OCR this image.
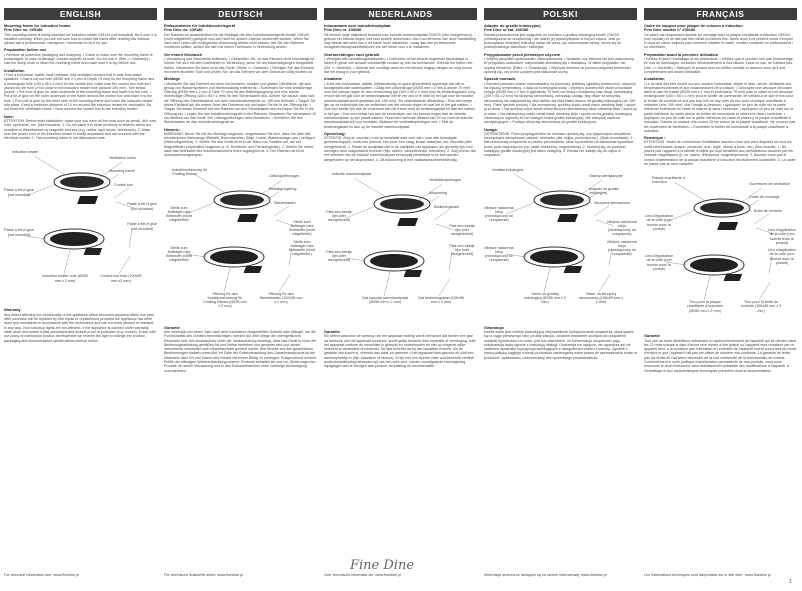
ENGLISH
Mounting frame for induction heater
Fine Dine no. 239186

This mounting frame is solely intended for Induction heater 239103 (not included). Be it sure it is installed correctly. When you are not sure how to install this frame after reading this manual, please ask a professional / handyman / electrician to do it for you.

Preparation before use

• Remove all protective packaging and wrapping. • Check to make sure the mounting frame is undamaged. In case of damage, contact supplier at once. Do not use it. (See >> Warranty) • Use the dump cloth to clean the mounting frame and make sure it is dry before use.

Installation

• Find a horizontal, stable, heat resistant, well ventilated surface that is safe from water splashes. • Saw a cut-out hole (Ø255 mm x 2 mm & Depth 70 mm) for the mounting frame and a rectangular hole (100 x 55 x 2 mm) for the control box, make sure the control box hole isn't placed too far from or too close to the induction heater hole (around 150 mm). See below picture. • Put a bit of glue on outer underside of the mounting frame and lower it to the hole. • Put a bit of glue on the outer underside of the frame around the control box and lower it to the hole. • Put a bit of glue on the inner side of the mounting frame and lower the induction heater into place. Keep a minimum distance of 15 cm around the induction heater for ventilation. Do not block the ventilation holes. • Now connect the control box to the induction heater.

Note:

ATTENTION: Before start installation, make sure you have all the tools such as pencil, drill, saw, ruler, spirit level, etc. (Not included). 1. Do not place it in close proximity to devices which are sensitive to disturbances by magnetic sources (e.g. radios, tape decks, televisions). 2. Make sure the power cord of the induction heater is easily accessible and can connect with the electrical socket. 3. This mounting frame is not dishwasher safe.

Induction heater
Ventilation holes
Mounting frame
Control box
Paste a bit of glue (not included)
Paste a bit of glue (not included)
Paste a bit of glue (not included)
Paste a bit of glue (not included)
Induction heater hole (Ø255 mm x 2 mm)
Control box hole (100x55 mm x2 mm)
Warranty

Any defect affecting the functionality of the appliance which becomes apparent within one year after purchase will be repaired by free repair or replacement provided the appliance has been used and maintained in accordance with the instructions and has not been abused or misused in any way. Your statutory rights are not affected. If the appliance is claimed under warranty, state when and where it was purchased and include proof of purchase (e.g. receipt). In line with our policy of continuous product development we reserve the right to change the product, packaging and documentation specifications without notice.

For technical information see: www.finedine.pl
DEUTSCH
Einbaurahmen für Induktionsheizgerät
Fine Dine no. 239186

Der Rahmen ist ausschließlich für die Montage mit dem Induktionsheizgerät Modell 239103 (nicht mitgeliefert) geeignet und darf nicht für andere Zwecke verwendet werden. Wenn Sie nach dem Lesen der vorliegenden Anweisung wieder nicht wissen, wie Sie den Rahmen montieren sollten, sollten Sie sich mit einem Fachmann in Verbindung setzen.

Vor ersten Gebrauch

• Verpackung und Schutzfolie entfernen. • Überprüfen Sie, ob das Element nicht beschädigt ist. Setzen Sie sich mit dem Lieferanten in Verbindung, wenn Sie die Beschädigungen festgestellt haben. Verwenden Sie dann nicht das Gerät. (Siehe >> Garantie). • Reinigen Sie das Element mit einem feuchten Tuch und prüfen Sie, ob das Element vor dem Gebrauch völlig trocken ist.

Montage

• Montieren Sie das Element auf einer horizontalen, stabilen und glatten Oberfläche, die weit genug von Wasserspritzern und hitzebeständig entfernt ist. • Schneiden Sie eine kreisförmige Öffnung (Ø255 mm x 2 mm & Tiefe 70 mm) für den Befestigungsring und eine zweite rechteckige Öffnung (100 x 55 x 2 mm) für den Steuerkasten aus. Achten Sie darauf, dass sich die Öffnung des Steuerkastens von dem Induktionsheizgerät ca. 150 mm befindet. • Tragen Sie etwas Klebstoff auf die untere Seite des Rahmens auf und legen Sie ihn in die Öffnung ein. • Tragen Sie etwas Klebstoff auf den Rahmen um den Steuerkasten auf und legen Sie ihn in die Öffnung ein. • Legen Sie das Induktionsheizgerät in den Rahmen. Bewahren Sie mindestens 15 cm Abstand um das Gerät. Die Lüftungsöffnungen nicht blockieren. • Schließen Sie den Steuerkasten an das Induktionsheizgerät an.

Hinweis:

WARNUNG: Bevor Sie mit der Montage beginnen, vergewissern Sie sich, dass Sie über alle erforderlichen Werkzeuge (Bleistift, Bohrmaschine, Säge, Lineal, Wasserwaage usw.) verfügen. (Nicht mitgeliefert). 1. Stellen Sie das Gerät nicht in der Nähe von Geräten auf, die auf Magnetfelder empfindlich reagieren (z. B. Rundfunk- und Fernsehgeräte). 2. Stellen Sie sicher, dass das Netzkabel des Induktionskochers leicht zugänglich ist. 3. Der Rahmen ist nicht spülmaschinengeeignet.

Induktionsheizung für Chafing Dishes	Lüftungsöffnungen
Befestigungsring
Steuerkasten
Stelle zum Auftragen des Klebstoffs (nicht mitgeliefert)	Stelle zum Auftragen des Klebstoffs (nicht mitgeliefert)
Stelle zum Auftragen des Klebstoffs (nicht mitgeliefert)
Stelle zum Auftragen des Klebstoffs (nicht mitgeliefert)
Öffnung für den Induktionsheizung für Chafing Dishes (Ø255 mm x 2 mm)
Öffnung für den Steuerkasten (100x55 mm x 2 mm)
Garantie

Alle innerhalb von einem Jahr nach dem Kaufdatum festgestellten Defekte oder Mängel, die die Funktionalität des Gerätes beeinträchtigen, werden auf dem Wege der unentgeltlichen Reparatur bzw. des Austausches unter der Voraussetzung beseitigt, dass das Gerät in einer der Bedienungsanleitung gemäßen Art und Weise betrieben und gewartet wird und weder zweckfremd verwendet noch missbräuchlich genutzt wurde. Ihre Rechte aus den gesetzlichen Bestimmungen bleiben unberührt. Im Falle der Geltendmachung des Garantieanspruchs ist der Nachweis über Ort und Datum des Kaufes mit einem Beleg zu erbringen. Entsprechend unserer Politik der ständigen Weiterentwicklung unserer Produkte behalten wir uns vor, Änderungen am Produkt, an seiner Verpackung und in den Dokumentationen ohne vorherige Ankündigung vorzunehmen.

Für technische Auskünfte siehe: www.finedine.pl
NEDERLANDS
Inbouwraam voor inductiekookplaat
Fine Dine nr. 239186

Dit inbouw ringe uitsluitend bedoeld voor inductie warmhoudplaat 239103 (niet meegeleverd), gebruik het inbouw ringen niet voor andere doeleinden. Als u na het lezen van deze handleiding nog steeds niet weet hoe u dit frame moet installeren, vraag dan een professionele loodgieter/handyman/elektricien om het frame voor u te installeren.

Voorbereidingen voor gebruik

• Verwijder alle verpakkingsmaterialen. • Controleer of het inbouw ringenniet beschadigd is. Neem in geval van schade onmiddellijk contact op met uw leverancier. Gebruik het frame niet. (Zie >> Garantie). • Gebruik een vochtige doek om het inbouw ringing reinigen en zorg ervoor dat het droog is voor gebruik.

Installatie

• Zoek een horizontaal, stabiel, hittebestendig en goed geventileerd oppervlak dat niet is blootgesteld aan waterspatten. • Zaag een uitsnede-gat (Ø255 mm x 2 mm & diepte 70 mm) voor het inbouw ringen en een rechthoekig gat (100 x 55 x 2 mm) voor de bedieningskast, zorg ervoor dat het gat voor de bedieningskast niet te ver van of te dicht bij het gat voor de inductie warmhoudplaat wordt geplaatst (ca. 150 mm). Zie onderstaande afbeelding. • Doe een beetje lijm op de buitenzijde van de onderkant van het inbouw ringen en laat het in het gat zakken. • Doe een beetje lijm aan de onderkant van het frame rond de bedieningskast en laat het zakken in het gat. • Doe een beetje lijm aan de binnenzijde van het inbouw ringen laat de inductie warmhoudplaat op zijn plaats zakken. Houd een minimale afstand van 15 cm rond de inductie warmhoudplaat vrij voor ventilatie. Blokkeer de ventilatieopeningen niet. • Sluit de bedieningskast nu aan op de inductie warmhoudplaat.

Opmerking:

ATTENTIE: Zorg er, voordat u met de installatie start voor dat u over alle benodigde gereedschappen, zoals een potlood, een boor, een zaag, liniaal, waterpas, etc. beschikt (niet meegeleverd). 1. Plaats de kookplaat niet in de nabijheid van apparaten die gevoelig zijn voor storingen door magnetische bronnen (bijv. radio's, cassettedecks, televisies). 2. Zorg ervoor dat het netsnoer van de inductie warmhoudplaat eenvoudig bereikbaar is en kan worden aangesloten op het stopcontact. 3. Dit inbouwring is niet vaatwasmachinebestendig.

Inductie warmhoudplaat
Ventilatieopeningen
Inbouwring
Bedieningskast
Plak een beetje lijm (niet meegeleverd)
Plak een beetje lijm (niet meegeleverd)
Plak een beetje lijm (niet meegeleverd)
Plak een beetje lijm (niet meegeleverd)
Gat inductie warmhoudplaat (Ø255 mm x 2 mm)
Gat bedieningskast (100x55 mm x 2 mm)
Garantie

Elk defect waardoor de werking van het apparaat nadelig wordt beïnvloed dat binnen een jaar na aankoop van het apparaat voorkomt, wordt gratis hersteld door reparatie of vervanging, mits het apparaat conform de instructies is gebruikt en onderhouden en niet op enigerlei wijze verkeerd is behandeld of misbruikt. Dit laat onverlet uw bij wet bepaalde rechten. Als de garantie van kracht is, vermeld dan waar en wanneer u het apparaat hebt gekocht en sluit een aankoopbewijs in (bijv. kassabon of factuur). In lijn met ons streven naar voortdurende verdere productontwikkeling behouden wij ons het recht voor, zonder voorafgaande kennisgeving wijzigingen aan te brengen aan product, verpakking en documentatie.

Voor technische informatie zie: www.finedine.pl
POLSKI
Adapter do grzałki indukcyjnej
Fine Dine nr kat. 239186

Ramka przeznaczona jest wyłącznie do montażu z grzałką indukcyjną model 239103 (niedołączona do urządzenia) i nie należy jej wykorzystywać w innych celach. Jeśli po przeczytaniu niniejszej instrukcji nadal nie wiesz, jak zamontować ramkę, zwróć się do profesjonalnego fachowca / elektryka.

Przygotowanie przed pierwszym użyciem

• Zdejmij wszystkie opakowania i zabezpieczenia. • Sprawdź, czy element nie jest uszkodzony. W przypadku uszkodzeń, natychmiast skontaktuj się z dostawcą. W takim przypadku, nie używaj elementu. (Patrz >> Gwarancja). • Wyczyść element za pomocą wilgotnej ściereczki i upewnij się, czy przed użyciem jest całkowicie suchy.

Sposób montażu

• Element powinien zostać zamontowany na poziomej, stabilnej i gładkiej powierzchni, odpornej na wysoką temperaturę, z dala od rozbryzgów wody. • Wytnij w powierzchni otwór w kształcie okręgu (Ø255 mm x 2 mm & głębokość 70 mm) na ramkę montażową oraz drugi, prostokątny (100 x 55 x 2 mm) na skrzynkę sterowniczą, zwracając uwagę, aby otwór na skrzynkę sterowniczą nie znajdował się zbyt daleko ani zbyt blisko otworu na grzałkę indukcyjną (ok. 150 mm). Patrz rysunek poniżej. • Na zewnętrzną, spodnią część ramki nałóż odrobinę kleju i opuść ją w otwór. • Na spodnią część ramki wokół skrzynki sterowniczej nałóż odrobinę kleju i opuść ją w otwór. • Na wewnętrzną część ramki nałóż odrobinę kleju i opuść na nią grzałkę indukcyjną. Zachowaj co najmniej 15 cm odstępu wokół grzałki indukcyjnej. Nie zakrywaj otworów wentylacyjnych. • Podłącz skrzynkę sterowniczą do grzałki indukcyjnej.

Uwaga:

OSTRZEŻENIE: Przed przystąpieniem do montażu upewnij się, czy dysponujesz wszystkimi niezbędnymi narzędziami (ołówek, wiertarka, piła, linijka, poziomica itp.). (Brak w zestawie). 1. Nie umieszczaj urządzenia w pobliżu przedmiotów, które są wrażliwe na zakłócenia wywołane przez pola magnetyczne (np. radia, telewizory, magnetofony). 2. Upewnij się, że przewód zasilający grzałki indukcyjnej jest łatwo dostępny. 3. Ramka nie nadaje się do mycia w zmywarce.

Grzałka indukcyjna
Otwory wentylacyjne
Adapter do grzałki indukcyjnej
Skrzynka sterownicza
Miejsce nałożenia kleju (niedołączony do urządzenia)	Miejsce nałożenia kleju (niedołączony do urządzenia)
Miejsce nałożenia kleju (niedołączony do urządzenia)
Miejsce nałożenia kleju (niedołączony do urządzenia)
Otwór na grzałkę indukcyjną (Ø255 mm x 2 mm)
Otwór na skrzynkę sterowniczą (100x55 mm x 2 mm)
Gwarancja

Każda wada tych celetne powodująca nieprawidłowe funkcjonowanie urządzenia, która ujawni się w ciągu pierwszego roku od daty zakupu, zostanie bezpłatnie usunięta lub urządzenie zostanie wymienione na nowe, pod tym warunkiem, że konserwacja urządzenia i jego eksploatacja będą zgodne z instrukcją obsługi. Gwarancja nie wyłącza, nie ogranicza ani nie zawiesza uprawnień kupującego wynikających z niezgodności towaru z umową. Zgodnie z naszą polityką ciągłego rozwoju produktów zastrzegamy sobie prawo do wprowadzania zmian w produkcie, opakowaniu i dokumentacji bez uprzedniego powiadomienia.

Informacje techniczne dostępne są na stronie internetowej: www.finedine.pl
FRANÇAIS
Cadre de support pour plaque de cuisson à induction
Fine Dine modèle n° 239186

Ce cadre est uniquement destiné au montage avec la plaque chauffante à induction 239103 (non incluse) et ne doit pas être utilisé à d'autres fins. Après avoir lu le présent mode d'emploi, si vous ne savez toujours pas comment installer le cadre, veuillez contacter un professionnel / un électricien.

Préparation avant la première utilisation

• Retirez et jetez l'emballage et les protections. • Vérifiez que le produit n'est pas endommagé. En cas de dommages, contactez immédiatement le fournisseur. Dans ce cas, ne l'utilisez pas. (Voir >> Garantie). • Nettoyez le produit avec un chiffon humide et assurez-vous qu'il soit complètement sec avant l'utilisation.

Installation

• Le produit doit être monté sur une surface horizontale, stable et lisse, sèche, résistante aux températures élevées et aux éclaboussures de la plaque. • Découpez une découpe circulaire dans le plan de travail (Ø255 mm x 2 mm et profondeur 70 mm) pour le cadre et une découpe rectangulaire (100 x 55 x 2 mm) pour le boîtier de commande, en veillant à ce que le trou pour le boîtier de contrôle ne soit pas trop loin ou trop près du trou pour la plaque chauffante à induction (env. 150 mm). Voir l'image ci-dessous. • Appliquez un peu de colle sur la partie inférieure extérieure du cadre et insérez-le dans l'ouverture. • Appliquez un peu de colle sur la partie inférieure du cadre autour du boîtier de commande et insérez-le dans l'ouverture. • Appliquez un peu de colle sur la partie intérieure du cadre et placez-y la plaque chauffante à induction. Gardez un espace d'au moins 15 cm autour de la plaque chauffante. Ne couvrez pas les ouvertures de ventilation. • Connectez le boîtier de commande à la plaque chauffante à induction.

Remarque :

ATTENTION : Avant de commencer l'installation assurez-vous que vous disposez de tous les outils nécessaires (crayon, perceuse, scie, règle, niveau à bulle, etc.) (Non fournis). 1. Ne placez pas l'appareil à proximité d'objets qui sont sensibles aux perturbations causées par les champs magnétiques (p. ex. radios, téléviseurs, magnétophones). 2. Assurez-vous que le cordon d'alimentation de la plaque chauffante à induction est facilement accessible. 3. Le cadre ne passe pas au lave-vaisselle.

Plaque chauffante à induction	Ouvertures de ventilation
Cadre de montage
Boîte de contrôle
Lieu d'application de la colle (non fournie avec le produit)	Lieu d'application de la colle (non fournie avec le produit)
Lieu d'application de la colle (non fournie avec le produit)
Lieu d'application de la colle (non fournie avec le produit)
Trou pour la plaque chauffante à induction (Ø255 mm x 2 mm)
Trou pour la boîte de contrôle (100x55 mm x 2 mm)
Garantie

Tout vice ou toute défaillance entraînant un dysfonctionnement de l'appareil qui se déclare dans les 12 mois suivant la date d'achat sera réparé à titre gratuit ou l'appareil sera remplacé par un appareil neuf, à la condition que l'utilisation et l'entretien de l'appareil soient conformes au mode d'emploi et que l'appareil n'ait pas été utilisé de manière non conforme. La garantie ne limite pas les droits de l'acheteur découlant de la non-conformité de la marchandise au contrat. Conformément à notre politique d'amélioration permanente de nos produits, nous nous réservons le droit d'introduire sans avertissement préalable des modifications à l'appareil, à l'emballage et aux caractéristiques techniques précisées dans la documentation.

Les informations techniques sont disponibles sur le site web : www.finedine.pl
Fine Dine
1
